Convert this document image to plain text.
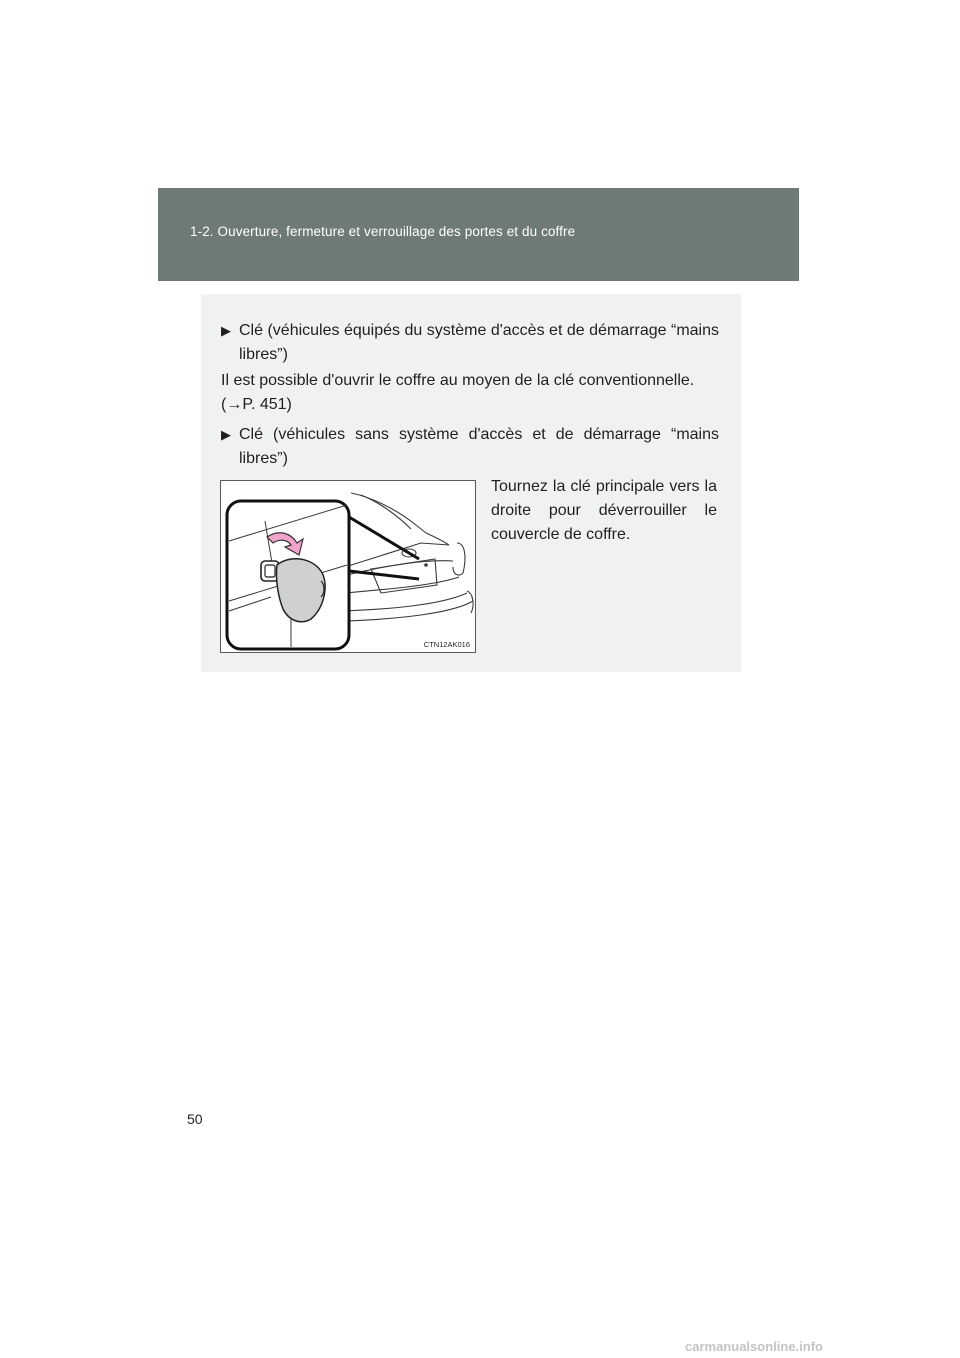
1-2. Ouverture, fermeture et verrouillage des portes et du coffre
▶ Clé (véhicules équipés du système d'accès et de démarrage “mains libres”)
Il est possible d'ouvrir le coffre au moyen de la clé conventionnelle.
(→P. 451)
▶ Clé (véhicules sans système d'accès et de démarrage “mains libres”)
CTN12AK016
Tournez la clé principale vers la droite pour déverrouiller le couvercle de coffre.
50
carmanualsonline.info
